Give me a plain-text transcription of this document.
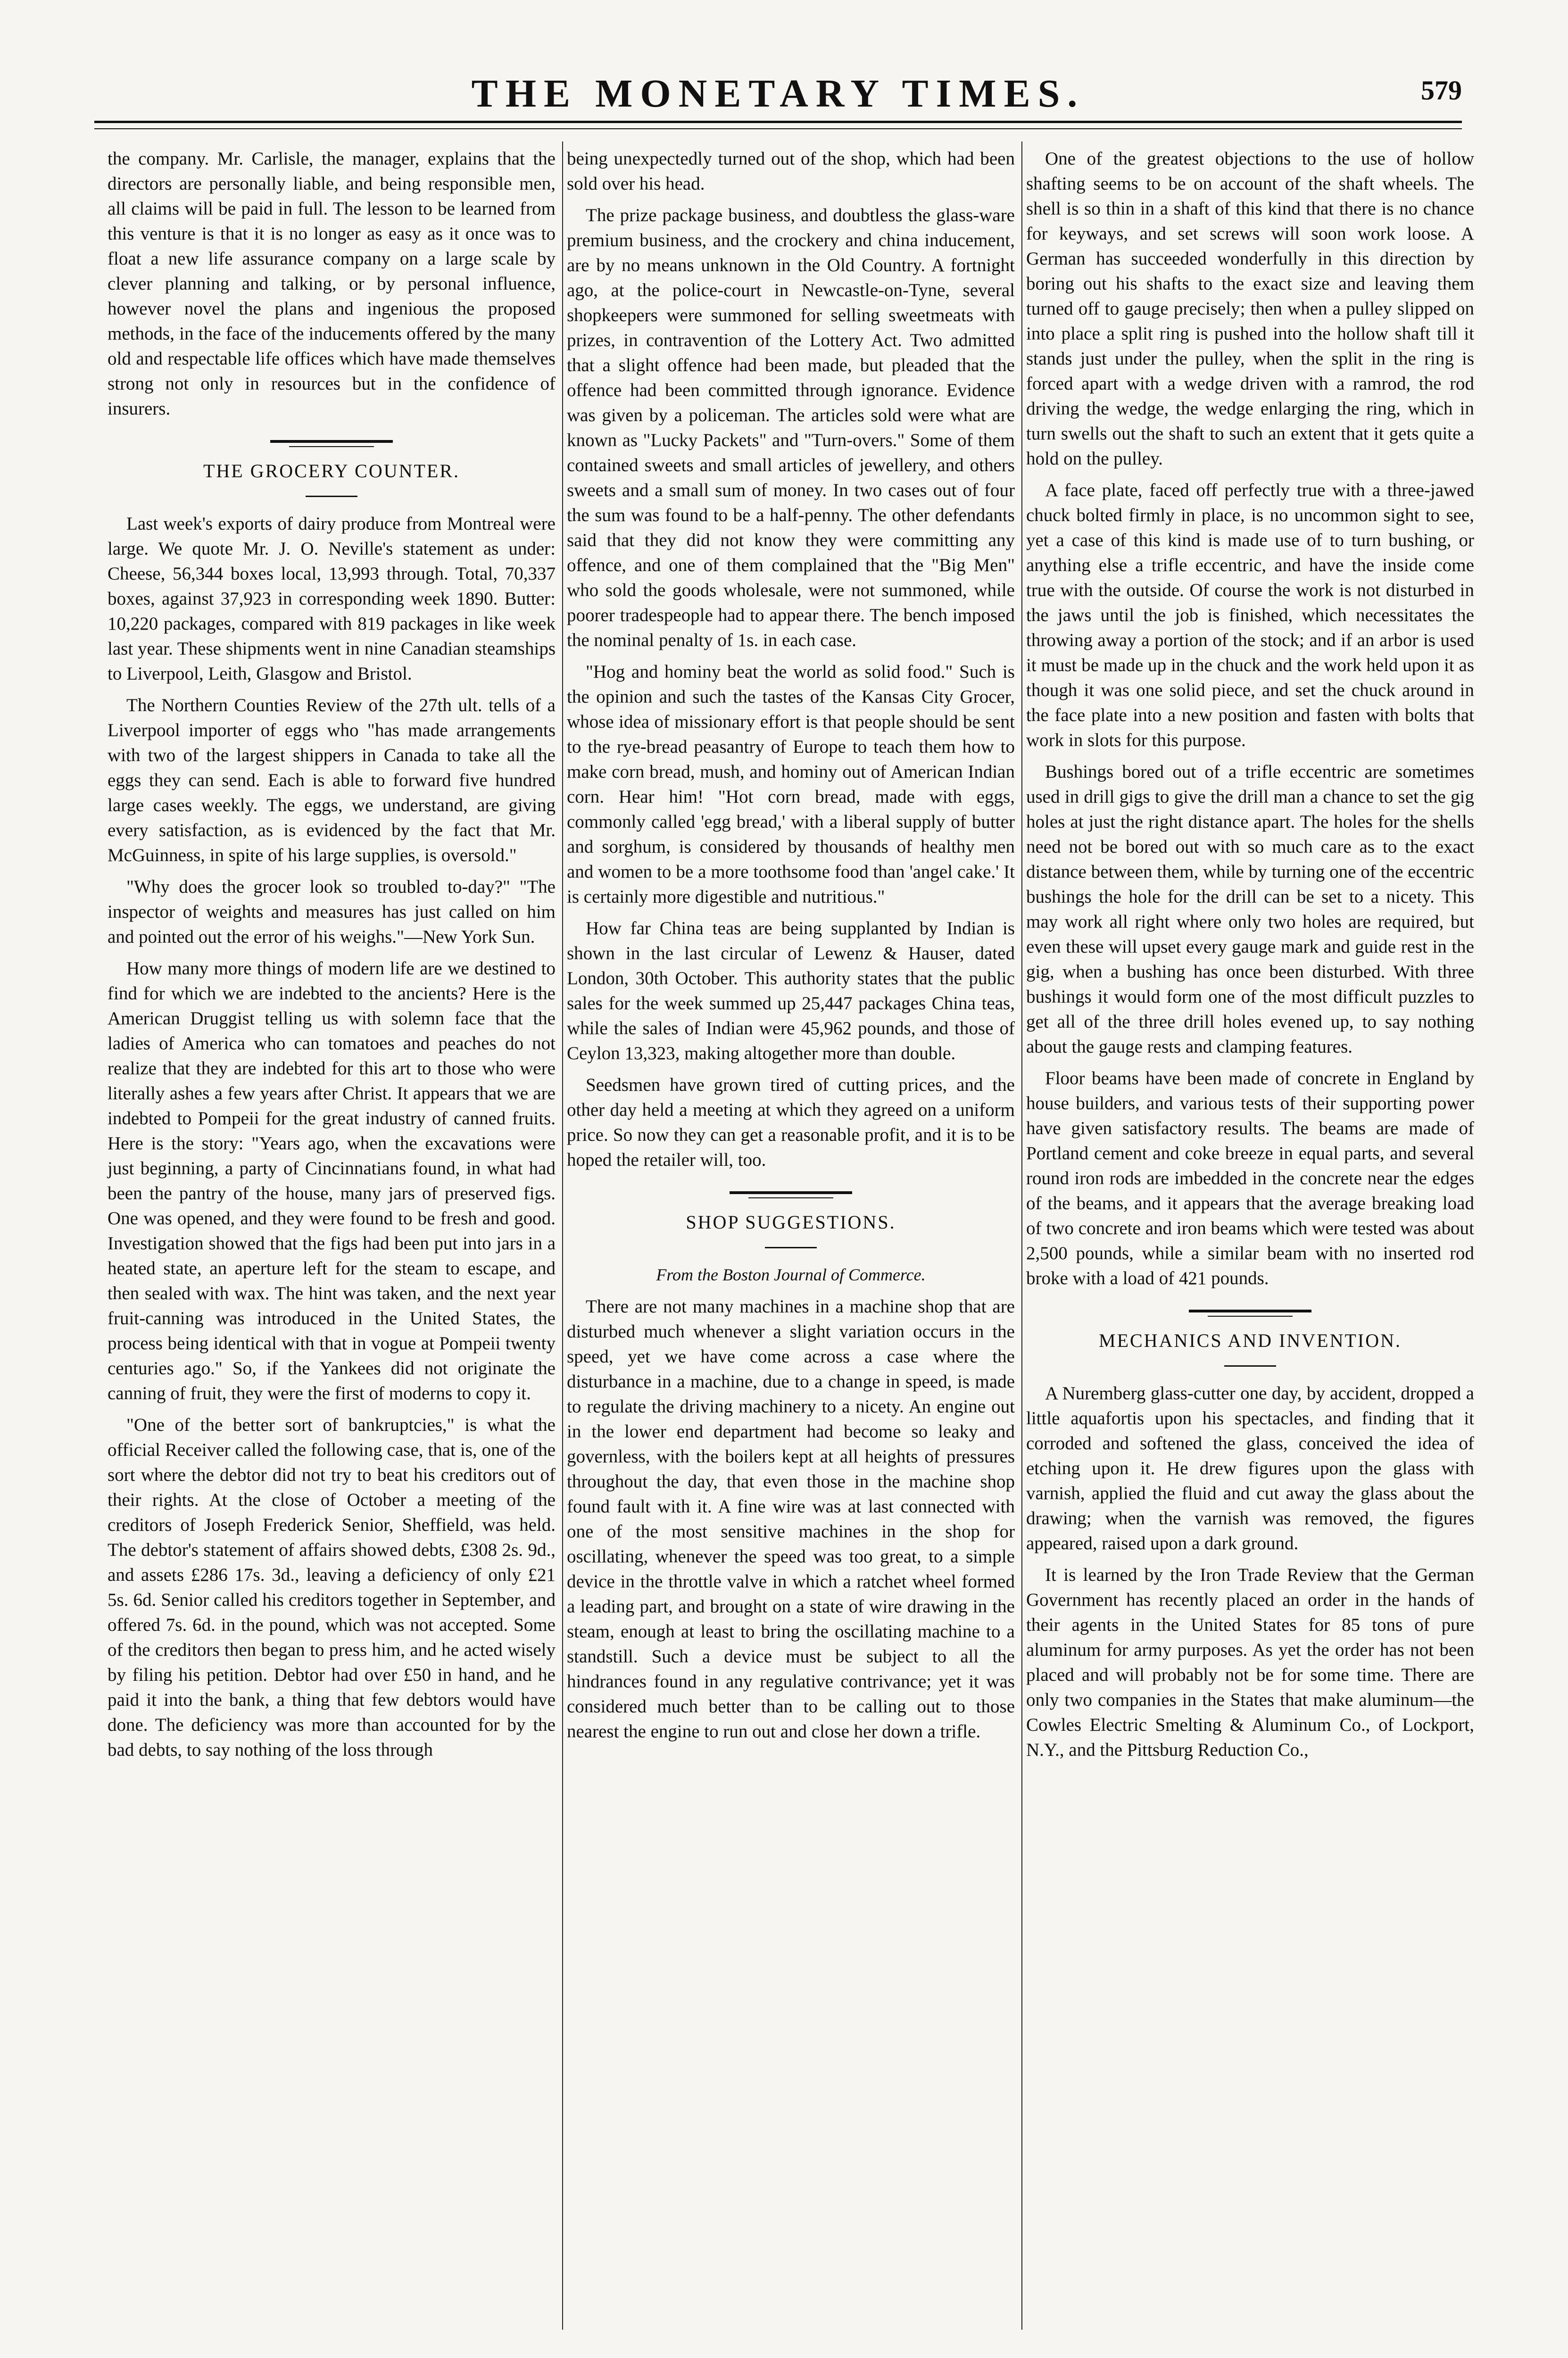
THE MONETARY TIMES.	579

the company. Mr. Carlisle, the manager, explains that the directors are personally liable, and being responsible men, all claims will be paid in full. The lesson to be learned from this venture is that it is no longer as easy as it once was to float a new life assurance company on a large scale by clever planning and talking, or by personal influence, however novel the plans and ingenious the proposed methods, in the face of the inducements offered by the many old and respectable life offices which have made themselves strong not only in resources but in the confidence of insurers.

THE GROCERY COUNTER.

Last week's exports of dairy produce from Montreal were large. We quote Mr. J. O. Neville's statement as under: Cheese, 56,344 boxes local, 13,993 through. Total, 70,337 boxes, against 37,923 in corresponding week 1890. Butter: 10,220 packages, compared with 819 packages in like week last year. These shipments went in nine Canadian steamships to Liverpool, Leith, Glasgow and Bristol.

The Northern Counties Review of the 27th ult. tells of a Liverpool importer of eggs who "has made arrangements with two of the largest shippers in Canada to take all the eggs they can send. Each is able to forward five hundred large cases weekly. The eggs, we understand, are giving every satisfaction, as is evidenced by the fact that Mr. McGuinness, in spite of his large supplies, is oversold."

"Why does the grocer look so troubled to-day?" "The inspector of weights and measures has just called on him and pointed out the error of his weighs."—New York Sun.

How many more things of modern life are we destined to find for which we are indebted to the ancients? Here is the American Druggist telling us with solemn face that the ladies of America who can tomatoes and peaches do not realize that they are indebted for this art to those who were literally ashes a few years after Christ. It appears that we are indebted to Pompeii for the great industry of canned fruits. Here is the story: "Years ago, when the excavations were just beginning, a party of Cincinnatians found, in what had been the pantry of the house, many jars of preserved figs. One was opened, and they were found to be fresh and good. Investigation showed that the figs had been put into jars in a heated state, an aperture left for the steam to escape, and then sealed with wax. The hint was taken, and the next year fruit-canning was introduced in the United States, the process being identical with that in vogue at Pompeii twenty centuries ago." So, if the Yankees did not originate the canning of fruit, they were the first of moderns to copy it.

"One of the better sort of bankruptcies," is what the official Receiver called the following case, that is, one of the sort where the debtor did not try to beat his creditors out of their rights. At the close of October a meeting of the creditors of Joseph Frederick Senior, Sheffield, was held. The debtor's statement of affairs showed debts, £308 2s. 9d., and assets £286 17s. 3d., leaving a deficiency of only £21 5s. 6d. Senior called his creditors together in September, and offered 7s. 6d. in the pound, which was not accepted. Some of the creditors then began to press him, and he acted wisely by filing his petition. Debtor had over £50 in hand, and he paid it into the bank, a thing that few debtors would have done. The deficiency was more than accounted for by the bad debts, to say nothing of the loss through

being unexpectedly turned out of the shop, which had been sold over his head.

The prize package business, and doubtless the glass-ware premium business, and the crockery and china inducement, are by no means unknown in the Old Country. A fortnight ago, at the police-court in Newcastle-on-Tyne, several shopkeepers were summoned for selling sweetmeats with prizes, in contravention of the Lottery Act. Two admitted that a slight offence had been made, but pleaded that the offence had been committed through ignorance. Evidence was given by a policeman. The articles sold were what are known as "Lucky Packets" and "Turn-overs." Some of them contained sweets and small articles of jewellery, and others sweets and a small sum of money. In two cases out of four the sum was found to be a half-penny. The other defendants said that they did not know they were committing any offence, and one of them complained that the "Big Men" who sold the goods wholesale, were not summoned, while poorer tradespeople had to appear there. The bench imposed the nominal penalty of 1s. in each case.

"Hog and hominy beat the world as solid food." Such is the opinion and such the tastes of the Kansas City Grocer, whose idea of missionary effort is that people should be sent to the rye-bread peasantry of Europe to teach them how to make corn bread, mush, and hominy out of American Indian corn. Hear him! "Hot corn bread, made with eggs, commonly called 'egg bread,' with a liberal supply of butter and sorghum, is considered by thousands of healthy men and women to be a more toothsome food than 'angel cake.' It is certainly more digestible and nutritious."

How far China teas are being supplanted by Indian is shown in the last circular of Lewenz & Hauser, dated London, 30th October. This authority states that the public sales for the week summed up 25,447 packages China teas, while the sales of Indian were 45,962 pounds, and those of Ceylon 13,323, making altogether more than double.

Seedsmen have grown tired of cutting prices, and the other day held a meeting at which they agreed on a uniform price. So now they can get a reasonable profit, and it is to be hoped the retailer will, too.

SHOP SUGGESTIONS.
From the Boston Journal of Commerce.

There are not many machines in a machine shop that are disturbed much whenever a slight variation occurs in the speed, yet we have come across a case where the disturbance in a machine, due to a change in speed, is made to regulate the driving machinery to a nicety. An engine out in the lower end department had become so leaky and governless, with the boilers kept at all heights of pressures throughout the day, that even those in the machine shop found fault with it. A fine wire was at last connected with one of the most sensitive machines in the shop for oscillating, whenever the speed was too great, to a simple device in the throttle valve in which a ratchet wheel formed a leading part, and brought on a state of wire drawing in the steam, enough at least to bring the oscillating machine to a standstill. Such a device must be subject to all the hindrances found in any regulative contrivance; yet it was considered much better than to be calling out to those nearest the engine to run out and close her down a trifle.

One of the greatest objections to the use of hollow shafting seems to be on account of the shaft wheels. The shell is so thin in a shaft of this kind that there is no chance for keyways, and set screws will soon work loose. A German has succeeded wonderfully in this direction by boring out his shafts to the exact size and leaving them turned off to gauge precisely; then when a pulley slipped on into place a split ring is pushed into the hollow shaft till it stands just under the pulley, when the split in the ring is forced apart with a wedge driven with a ramrod, the rod driving the wedge, the wedge enlarging the ring, which in turn swells out the shaft to such an extent that it gets quite a hold on the pulley.

A face plate, faced off perfectly true with a three-jawed chuck bolted firmly in place, is no uncommon sight to see, yet a case of this kind is made use of to turn bushing, or anything else a trifle eccentric, and have the inside come true with the outside. Of course the work is not disturbed in the jaws until the job is finished, which necessitates the throwing away a portion of the stock; and if an arbor is used it must be made up in the chuck and the work held upon it as though it was one solid piece, and set the chuck around in the face plate into a new position and fasten with bolts that work in slots for this purpose.

Bushings bored out of a trifle eccentric are sometimes used in drill gigs to give the drill man a chance to set the gig holes at just the right distance apart. The holes for the shells need not be bored out with so much care as to the exact distance between them, while by turning one of the eccentric bushings the hole for the drill can be set to a nicety. This may work all right where only two holes are required, but even these will upset every gauge mark and guide rest in the gig, when a bushing has once been disturbed. With three bushings it would form one of the most difficult puzzles to get all of the three drill holes evened up, to say nothing about the gauge rests and clamping features.

Floor beams have been made of concrete in England by house builders, and various tests of their supporting power have given satisfactory results. The beams are made of Portland cement and coke breeze in equal parts, and several round iron rods are imbedded in the concrete near the edges of the beams, and it appears that the average breaking load of two concrete and iron beams which were tested was about 2,500 pounds, while a similar beam with no inserted rod broke with a load of 421 pounds.

MECHANICS AND INVENTION.

A Nuremberg glass-cutter one day, by accident, dropped a little aquafortis upon his spectacles, and finding that it corroded and softened the glass, conceived the idea of etching upon it. He drew figures upon the glass with varnish, applied the fluid and cut away the glass about the drawing; when the varnish was removed, the figures appeared, raised upon a dark ground.

It is learned by the Iron Trade Review that the German Government has recently placed an order in the hands of their agents in the United States for 85 tons of pure aluminum for army purposes. As yet the order has not been placed and will probably not be for some time. There are only two companies in the States that make aluminum—the Cowles Electric Smelting & Aluminum Co., of Lockport, N.Y., and the Pittsburg Reduction Co.,
